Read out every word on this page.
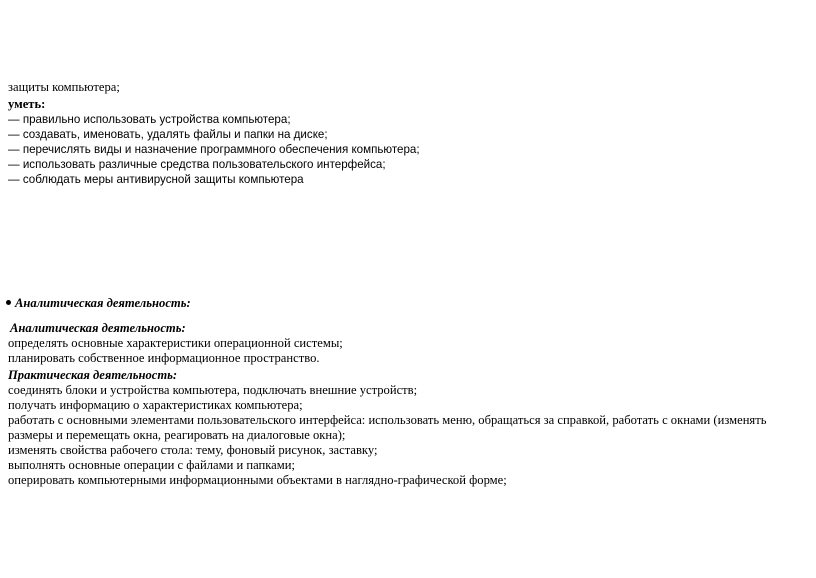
защиты компьютера;
уметь:
— правильно использовать устройства компьютера;
— создавать, именовать, удалять файлы и папки на диске;
— перечислять виды и назначение программного обеспечения компьютера;
— использовать различные средства пользовательского интерфейса;
— соблюдать меры антивирусной защиты компьютера
Аналитическая деятельность:
Аналитическая деятельность:
определять основные характеристики операционной системы;
планировать собственное информационное пространство.
Практическая деятельность:
соединять блоки и устройства компьютера, подключать внешние устройств;
получать информацию о характеристиках компьютера;
работать с основными элементами пользовательского интерфейса: использовать меню, обращаться за справкой, работать с окнами (изменять
размеры и перемещать окна, реагировать на диалоговые окна);
изменять свойства рабочего стола: тему, фоновый рисунок, заставку;
выполнять основные операции с файлами и папками;
оперировать компьютерными информационными объектами в наглядно-графической форме;
